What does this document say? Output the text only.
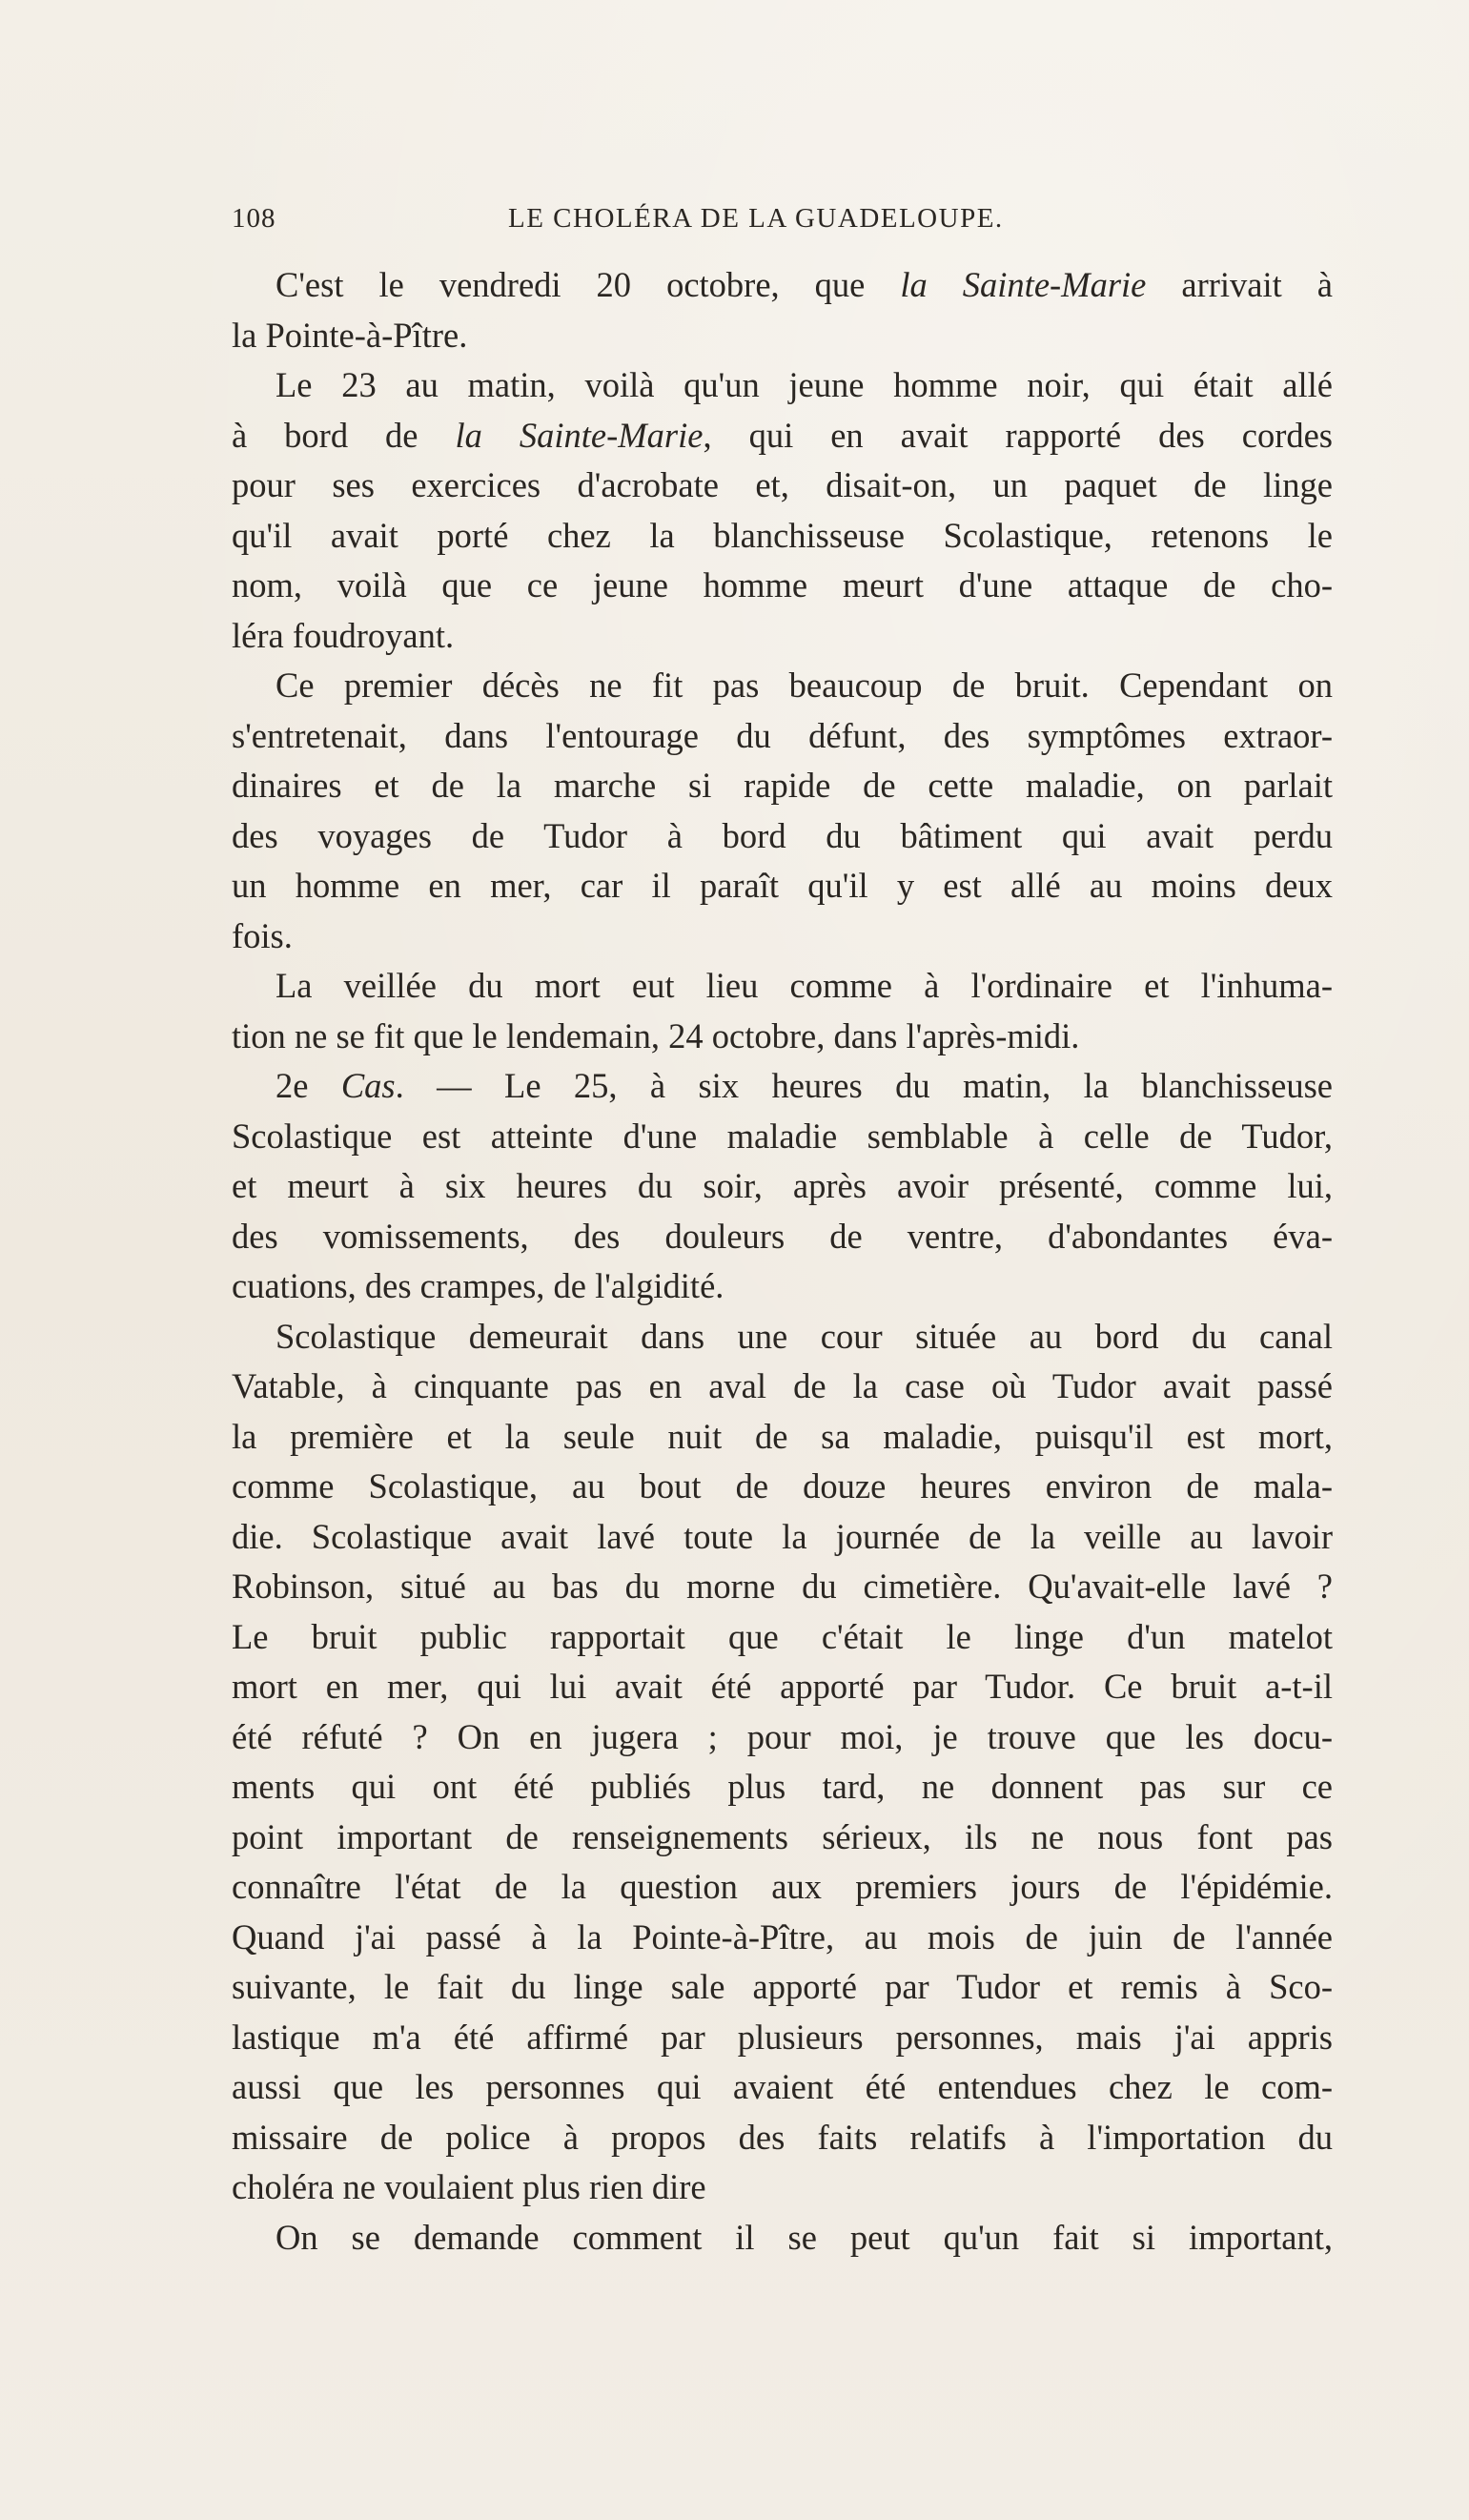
108	LE CHOLÉRA DE LA GUADELOUPE.
C'est le vendredi 20 octobre, que la Sainte-Marie arrivait à
la Pointe-à-Pître.
Le 23 au matin, voilà qu'un jeune homme noir, qui était allé
à bord de la Sainte-Marie, qui en avait rapporté des cordes
pour ses exercices d'acrobate et, disait-on, un paquet de linge
qu'il avait porté chez la blanchisseuse Scolastique, retenons le
nom, voilà que ce jeune homme meurt d'une attaque de cho-
léra foudroyant.
Ce premier décès ne fit pas beaucoup de bruit. Cependant on
s'entretenait, dans l'entourage du défunt, des symptômes extraor-
dinaires et de la marche si rapide de cette maladie, on parlait
des voyages de Tudor à bord du bâtiment qui avait perdu
un homme en mer, car il paraît qu'il y est allé au moins deux
fois.
La veillée du mort eut lieu comme à l'ordinaire et l'inhuma-
tion ne se fit que le lendemain, 24 octobre, dans l'après-midi.
2e Cas. — Le 25, à six heures du matin, la blanchisseuse
Scolastique est atteinte d'une maladie semblable à celle de Tudor,
et meurt à six heures du soir, après avoir présenté, comme lui,
des vomissements, des douleurs de ventre, d'abondantes éva-
cuations, des crampes, de l'algidité.
Scolastique demeurait dans une cour située au bord du canal
Vatable, à cinquante pas en aval de la case où Tudor avait passé
la première et la seule nuit de sa maladie, puisqu'il est mort,
comme Scolastique, au bout de douze heures environ de mala-
die. Scolastique avait lavé toute la journée de la veille au lavoir
Robinson, situé au bas du morne du cimetière. Qu'avait-elle lavé ?
Le bruit public rapportait que c'était le linge d'un matelot
mort en mer, qui lui avait été apporté par Tudor. Ce bruit a-t-il
été réfuté ? On en jugera ; pour moi, je trouve que les docu-
ments qui ont été publiés plus tard, ne donnent pas sur ce
point important de renseignements sérieux, ils ne nous font pas
connaître l'état de la question aux premiers jours de l'épidémie.
Quand j'ai passé à la Pointe-à-Pître, au mois de juin de l'année
suivante, le fait du linge sale apporté par Tudor et remis à Sco-
lastique m'a été affirmé par plusieurs personnes, mais j'ai appris
aussi que les personnes qui avaient été entendues chez le com-
missaire de police à propos des faits relatifs à l'importation du
choléra ne voulaient plus rien dire
On se demande comment il se peut qu'un fait si important,
